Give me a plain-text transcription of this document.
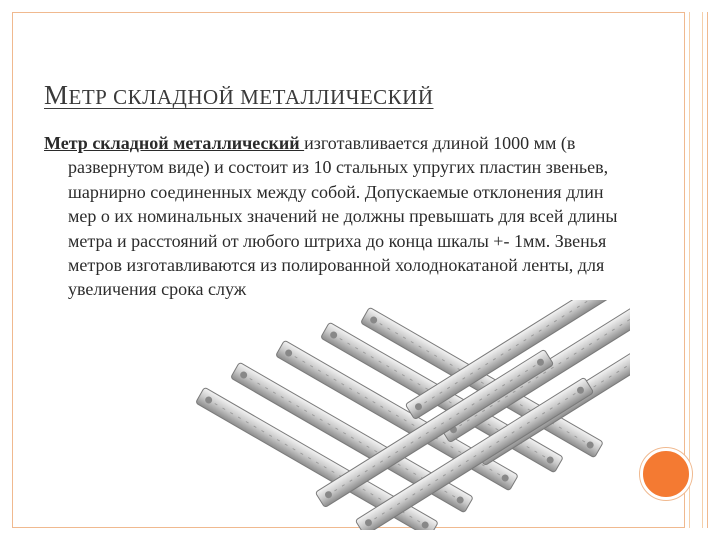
МЕТР СКЛАДНОЙ МЕТАЛЛИЧЕСКИЙ

Метр складной металлический изготавливается длиной 1000 мм (в развернутом виде) и состоит из 10 стальных упругих пластин звеньев, шарнирно соединенных между собой. Допускаемые отклонения длин мер о их номинальных значений не должны превышать для всей длины метра и расстояний от любого штриха до конца шкалы +- 1мм. Звенья метров изготавливаются из полированной холоднокатаной ленты, для увеличения срока служ
